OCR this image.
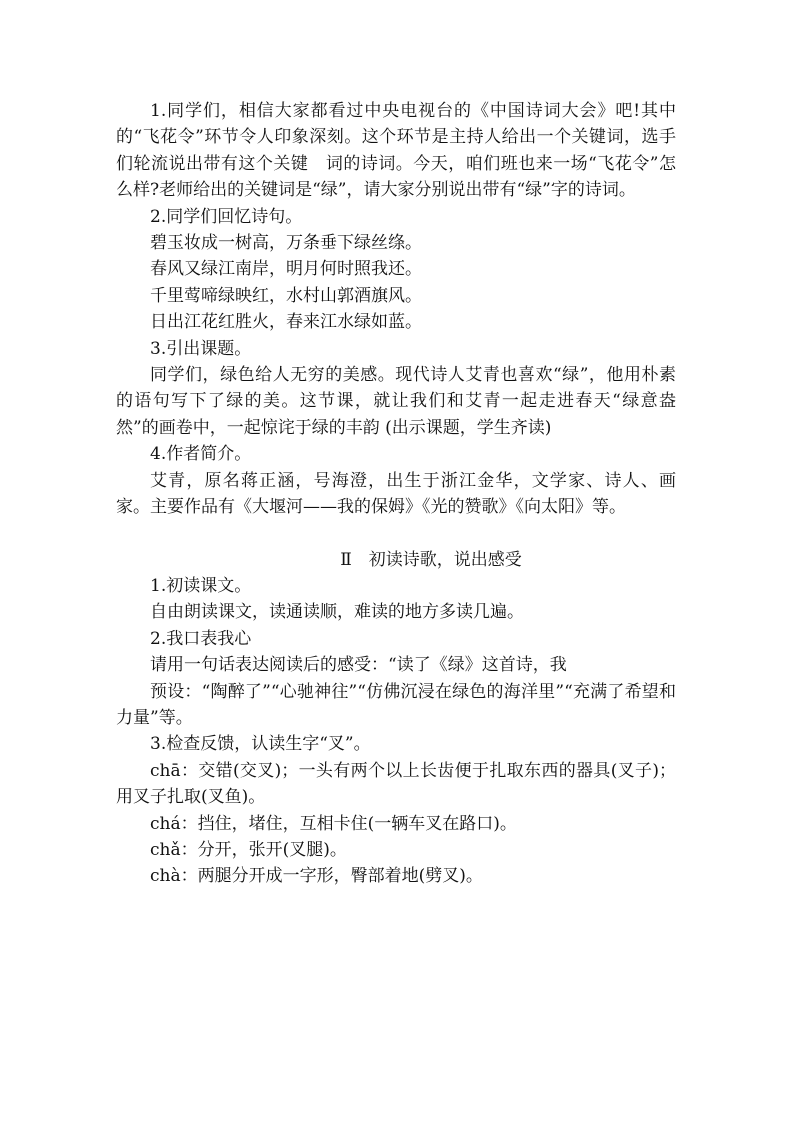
1.同学们，相信大家都看过中央电视台的《中国诗词大会》吧!其中的“飞花令”环节令人印象深刻。这个环节是主持人给出一个关键词，选手们轮流说出带有这个关键　词的诗词。今天，咱们班也来一场“飞花令”怎么样?老师给出的关键词是“绿”，请大家分别说出带有“绿”字的诗词。

2.同学们回忆诗句。

碧玉妆成一树高，万条垂下绿丝绦。

春风又绿江南岸，明月何时照我还。

千里莺啼绿映红，水村山郭酒旗风。

日出江花红胜火，春来江水绿如蓝。

3.引出课题。

同学们，绿色给人无穷的美感。现代诗人艾青也喜欢“绿”，他用朴素的语句写下了绿的美。这节课，就让我们和艾青一起走进春天“绿意盎然”的画卷中，一起惊诧于绿的丰韵 (出示课题，学生齐读)

4.作者简介。

艾青，原名蒋正涵，号海澄，出生于浙江金华，文学家、诗人、画家。主要作品有《大堰河——我的保姆》《光的赞歌》《向太阳》等。

Ⅱ　初读诗歌，说出感受

1.初读课文。

自由朗读课文，读通读顺，难读的地方多读几遍。

2.我口表我心

请用一句话表达阅读后的感受：“读了《绿》这首诗，我

预设：“陶醉了”“心驰神往”“仿佛沉浸在绿色的海洋里”“充满了希望和力量”等。

3.检查反馈，认读生字“叉”。

chā：交错(交叉)；一头有两个以上长齿便于扎取东西的器具(叉子)；用叉子扎取(叉鱼)。

chá：挡住，堵住，互相卡住(一辆车叉在路口)。

chǎ：分开，张开(叉腿)。

chà：两腿分开成一字形，臀部着地(劈叉)。
